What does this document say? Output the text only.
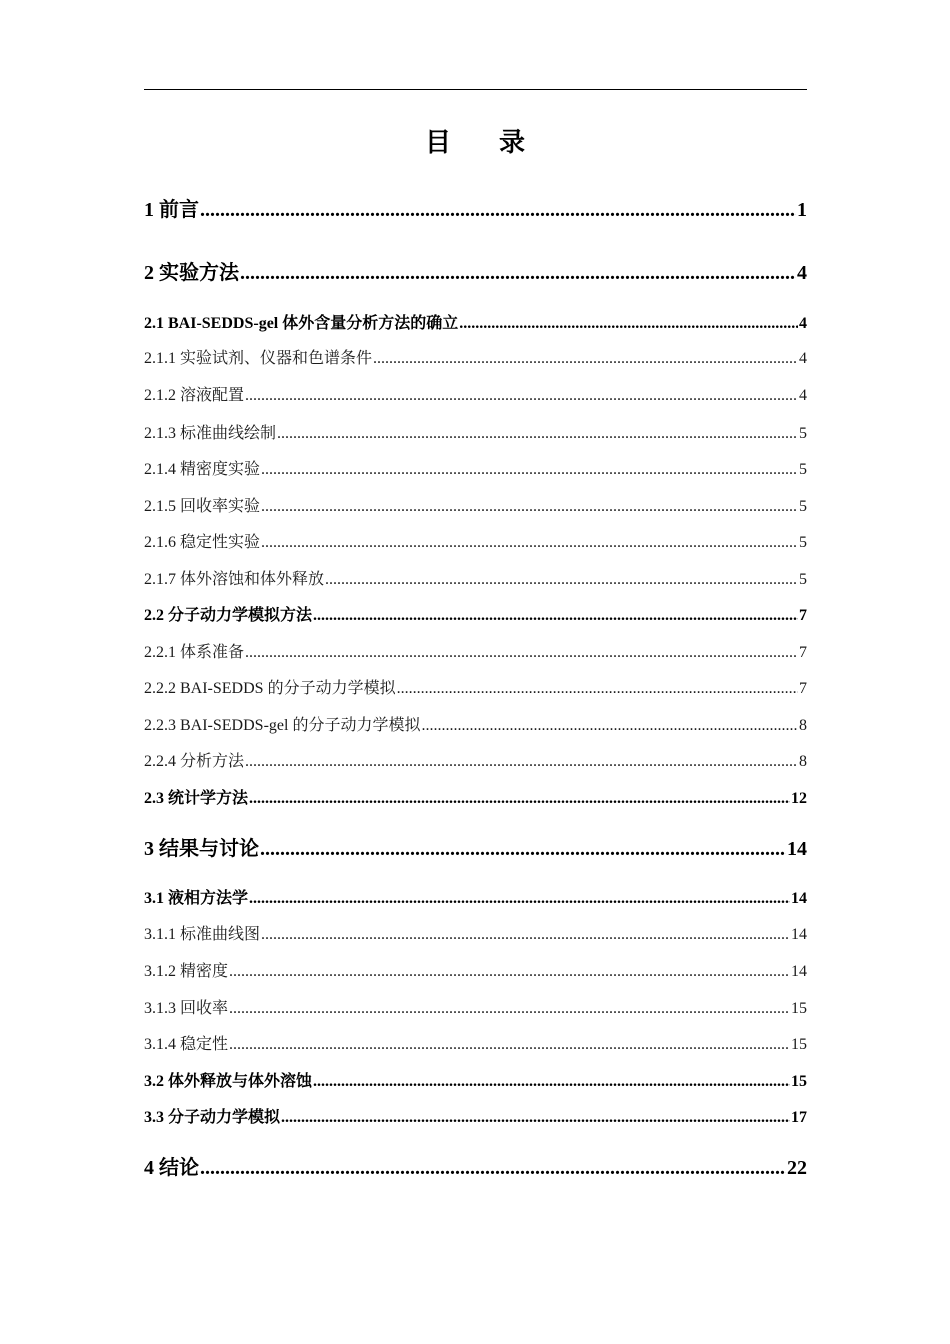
目 录
1 前言 .....	1
2 实验方法 .....	4
2.1 BAI-SEDDS-gel 体外含量分析方法的确立 .....	4
2.1.1 实验试剂、仪器和色谱条件 .....	4
2.1.2 溶液配置 .....	4
2.1.3 标准曲线绘制 .....	5
2.1.4 精密度实验 .....	5
2.1.5 回收率实验 .....	5
2.1.6 稳定性实验 .....	5
2.1.7 体外溶蚀和体外释放 .....	5
2.2 分子动力学模拟方法 .....	7
2.2.1 体系准备 .....	7
2.2.2 BAI-SEDDS 的分子动力学模拟 .....	7
2.2.3 BAI-SEDDS-gel 的分子动力学模拟 .....	8
2.2.4 分析方法 .....	8
2.3 统计学方法 .....	12
3 结果与讨论 .....	14
3.1 液相方法学 .....	14
3.1.1 标准曲线图 .....	14
3.1.2 精密度 .....	14
3.1.3 回收率 .....	15
3.1.4 稳定性 .....	15
3.2 体外释放与体外溶蚀 .....	15
3.3 分子动力学模拟 .....	17
4 结论 .....	22
